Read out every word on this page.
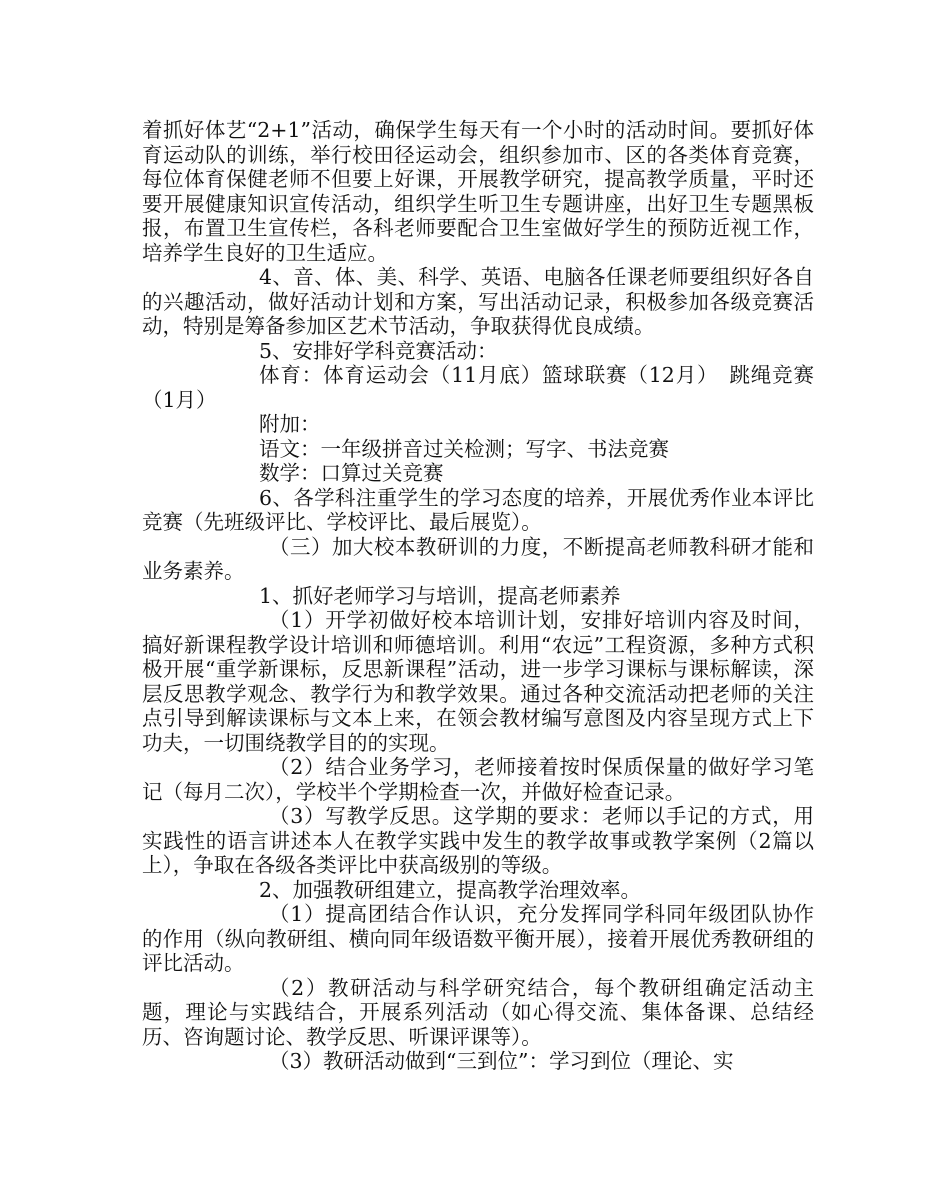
着抓好体艺“2+1”活动，确保学生每天有一个小时的活动时间。要抓好体育运动队的训练，举行校田径运动会，组织参加市、区的各类体育竞赛，每位体育保健老师不但要上好课，开展教学研究，提高教学质量，平时还要开展健康知识宣传活动，组织学生听卫生专题讲座，出好卫生专题黑板报，布置卫生宣传栏，各科老师要配合卫生室做好学生的预防近视工作，培养学生良好的卫生适应。

4、音、体、美、科学、英语、电脑各任课老师要组织好各自的兴趣活动，做好活动计划和方案，写出活动记录，积极参加各级竞赛活动，特别是筹备参加区艺术节活动，争取获得优良成绩。

5、安排好学科竞赛活动：

体育：体育运动会（11月底）篮球联赛（12月）　跳绳竞赛（1月）

附加：

语文：一年级拼音过关检测；写字、书法竞赛

数学：口算过关竞赛

6、各学科注重学生的学习态度的培养，开展优秀作业本评比竞赛（先班级评比、学校评比、最后展览）。

（三）加大校本教研训的力度，不断提高老师教科研才能和业务素养。

1、抓好老师学习与培训，提高老师素养

（1）开学初做好校本培训计划，安排好培训内容及时间，搞好新课程教学设计培训和师德培训。利用“农远”工程资源，多种方式积极开展“重学新课标，反思新课程”活动，进一步学习课标与课标解读，深层反思教学观念、教学行为和教学效果。通过各种交流活动把老师的关注点引导到解读课标与文本上来，在领会教材编写意图及内容呈现方式上下功夫，一切围绕教学目的的实现。

（2）结合业务学习，老师接着按时保质保量的做好学习笔记（每月二次），学校半个学期检查一次，并做好检查记录。

（3）写教学反思。这学期的要求：老师以手记的方式，用实践性的语言讲述本人在教学实践中发生的教学故事或教学案例（2篇以上），争取在各级各类评比中获高级别的等级。

2、加强教研组建立，提高教学治理效率。

（1）提高团结合作认识，充分发挥同学科同年级团队协作的作用（纵向教研组、横向同年级语数平衡开展），接着开展优秀教研组的评比活动。

（2）教研活动与科学研究结合，每个教研组确定活动主题，理论与实践结合，开展系列活动（如心得交流、集体备课、总结经历、咨询题讨论、教学反思、听课评课等）。

（3）教研活动做到“三到位”：学习到位（理论、实
